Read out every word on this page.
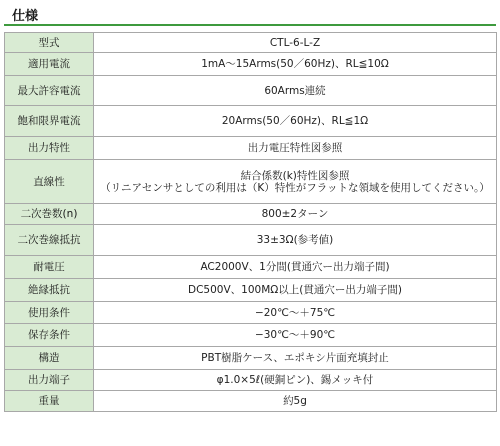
仕様
型式	CTL-6-L-Z
適用電流	1mA〜15Arms(50／60Hz)、RL≦10Ω
最大許容電流	60Arms連続
飽和限界電流	20Arms(50／60Hz)、RL≦1Ω
出力特性	出力電圧特性図参照
直線性	結合係数(k)特性図参照
（リニアセンサとしての利用は（K）特性がフラットな領域を使用してください。）

二次巻数(n)	800±2ターン
二次巻線抵抗	33±3Ω(参考値)
耐電圧	AC2000V、1分間(貫通穴ー出力端子間)
絶縁抵抗	DC500V、100MΩ以上(貫通穴ー出力端子間)
使用条件	−20℃〜＋75℃
保存条件	−30℃〜＋90℃
構造	PBT樹脂ケース、エポキシ片面充填封止
出力端子	φ1.0×5ℓ(硬銅ピン)、錫メッキ付
重量	約5g
